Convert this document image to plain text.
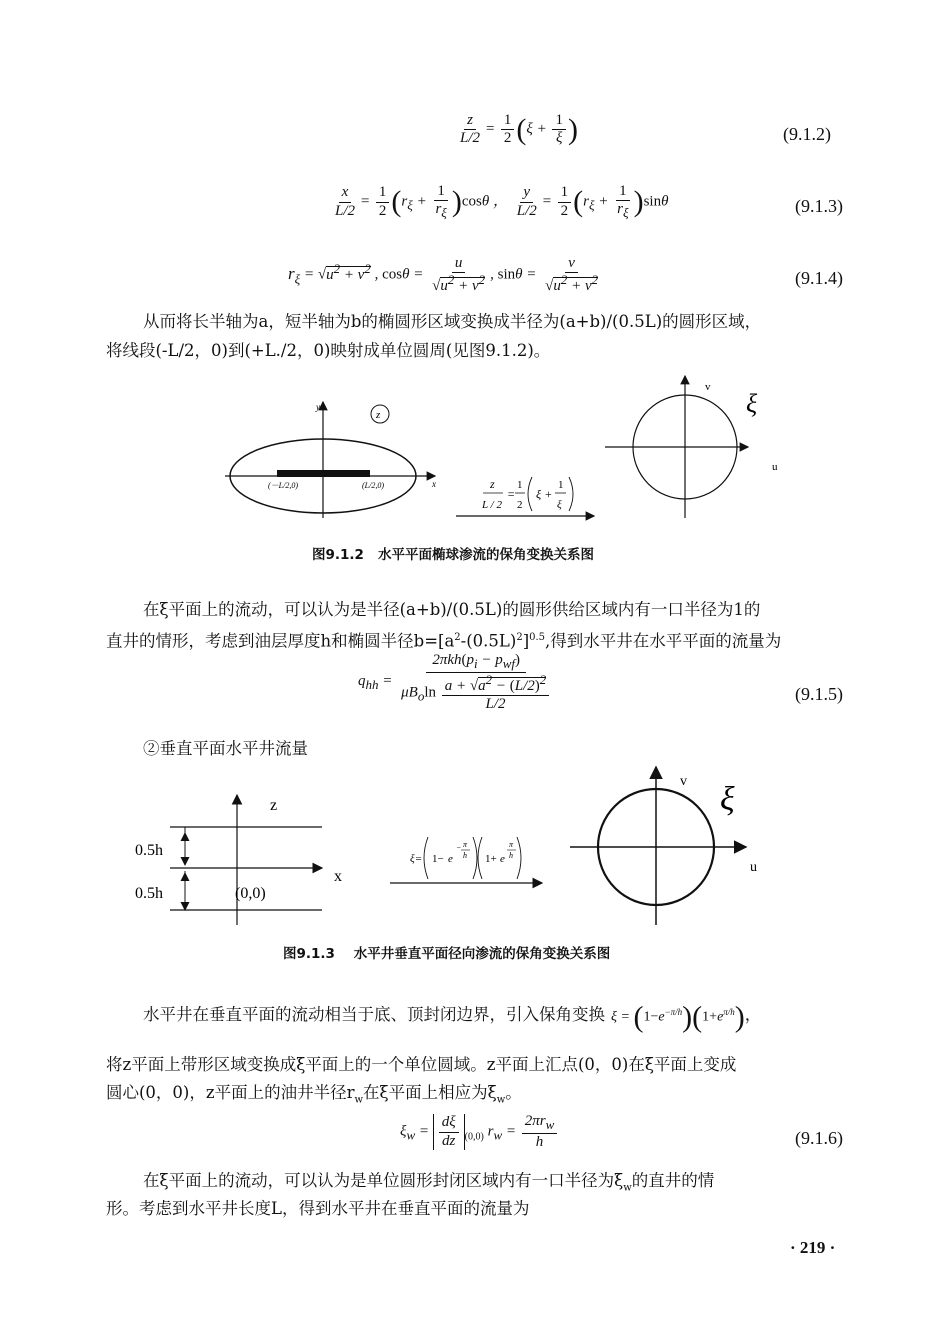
$\frac{z}{L/2} = \frac{1}{2} (\xi + \frac{1}{\xi}$ )	(9.1.2)
$\frac{x}{L/2} = \frac{1}{2} (r_\xi + \frac{1}{r_\xi} )\cos\theta$ ， $\frac{y}{L/2} = \frac{1}{2} (r_\xi + \frac{1}{r_\xi} )\sin\theta$	(9.1.3)
$r_\xi = √u^2 + v^2$ , $\cos\theta = \frac{u}{√u^2 + v^2}$ , $\sin\theta = \frac{v}{√u^2 + v^2}$	(9.1.4)
从而将长半轴为a，短半轴为b的椭圆形区域变换成半径为(a+b)/(0.5L)的圆形区域，
将线段(-L/2，0)到(+L./2，0)映射成单位圆周(见图9.1.2)。
z
y
x
(－L/2,0)	(L/2,0)	z
L / 2
=
1
2
ξ +
1
ξ
ξ
v
u
图9.1.2   水平平面椭球渗流的保角变换关系图
在ξ平面上的流动，可以认为是半径(a+b)/(0.5L)的圆形供给区域内有一口半径为1的
直井的情形，考虑到油层厚度h和椭圆半径$b=[a^2-(0.5L)^2]^{0.5}$,得到水平井在水平平面的流量为
$q_{hh} = \frac{2\pi kh(p_i - p_{wf})}{\mu B_o\ln \frac{a + √a^2 - (L/2)^2}{L/2}}$	(9.1.5)
②垂直平面水平井流量
z
x
0.5h
0.5h	(0,0)
ξ= 1− e
− π
h 1+ e
π
h
ξ
v
u
图9.1.3    水平井垂直平面径向渗流的保角变换关系图
水平井在垂直平面的流动相当于底、顶封闭边界，引入保角变换 $\xi = (1-e^{-\pi/h})(1+e^{\pi/h})$ ，
将z平面上带形区域变换成ξ平面上的一个单位圆域。z平面上汇点(0，0)在ξ平面上变成
圆心(0，0)，z平面上的油井半径$r_w$在ξ平面上相应为$\xi_w$。
$\xi_w = \frac{d\xi}{dz} _{(0,0)}$ $r_w = \frac{2\pi r_w}{h}$	(9.1.6)
在ξ平面上的流动，可以认为是单位圆形封闭区域内有一口半径为$\xi_w$的直井的情
形。考虑到水平井长度L，得到水平井在垂直平面的流量为
· 219 ·
